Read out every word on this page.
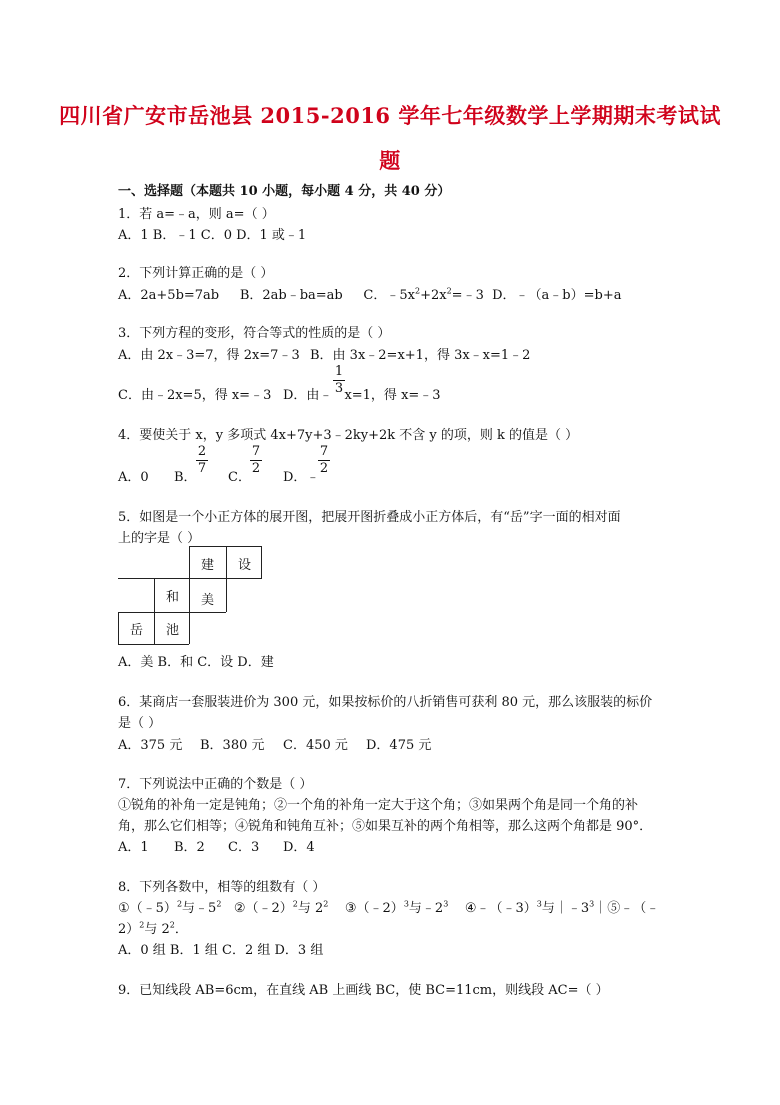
四川省广安市岳池县 2015-2016 学年七年级数学上学期期末考试试
题
一、选择题（本题共 10 小题，每小题 4 分，共 40 分）
1．若 a=﹣a，则 a=（ ）
A．1 B．﹣1 C．0 D．1 或﹣1
2．下列计算正确的是（ ）
A．2a+5b=7ab B．2ab﹣ba=ab C．$﹣5x^2+2x^2=﹣3$ D．﹣（a﹣b）=b+a
3．下列方程的变形，符合等式的性质的是（ ）
A．由 2x﹣3=7，得 2x=7﹣3 B．由 3x﹣2=x+1，得 3x﹣x=1﹣2
C．由﹣2x=5，得 x=﹣3 D．由﹣ x=1，得 x=﹣3
1
3
4．要使关于 x，y 多项式 4x+7y+3﹣2ky+2k 不含 y 的项，则 k 的值是（ ）
A．0 B．
2
7
C．
7
2
D．﹣
7
2
5．如图是一个小正方体的展开图，把展开图折叠成小正方体后，有“岳”字一面的相对面
上的字是（ ）
建	设
和	美
岳	池
A．美 B．和 C．设 D．建
6．某商店一套服装进价为 300 元，如果按标价的八折销售可获利 80 元，那么该服装的标价
是（ ）
A．375 元 B．380 元 C．450 元 D．475 元
7．下列说法中正确的个数是（ ）
①锐角的补角一定是钝角；②一个角的补角一定大于这个角；③如果两个角是同一个角的补
角，那么它们相等；④锐角和钝角互补；⑤如果互补的两个角相等，那么这两个角都是 90°．
A．1 B．2 C．3 D．4
8．下列各数中，相等的组数有（ ）
①（﹣5）$^2$与$﹣5^2$ ②（﹣2）$^2$与 $2^2$ ③（﹣2）$^3$与$﹣2^3$ ④﹣（﹣3）$^3$与$|﹣3^3|⑤﹣(﹣$
2）$^2$与 $2^2$．
A．0 组 B．1 组 C．2 组 D．3 组
9．已知线段 AB=6cm，在直线 AB 上画线 BC，使 BC=11cm，则线段 AC=（ ）
